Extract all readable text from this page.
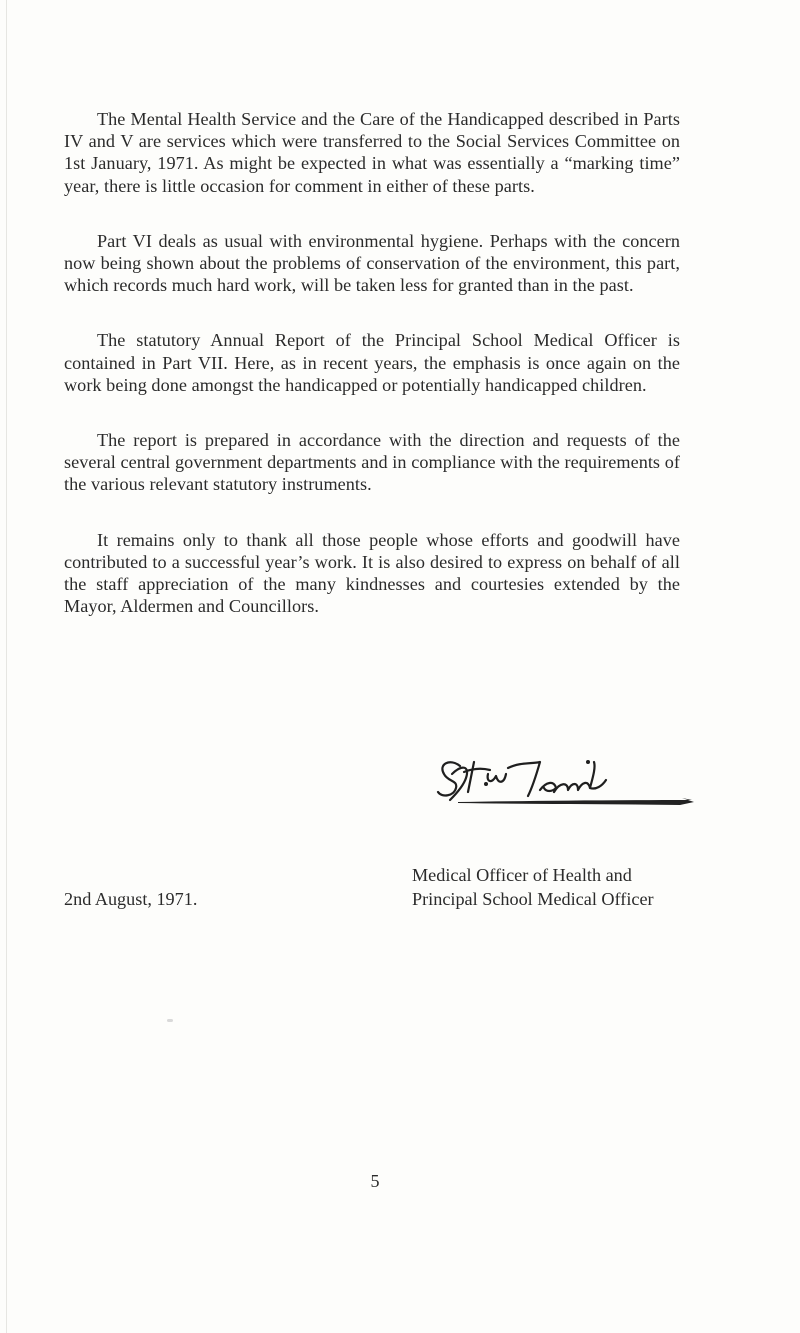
The Mental Health Service and the Care of the Handicapped described in Parts IV and V are services which were transferred to the Social Services Committee on 1st January, 1971. As might be expected in what was essentially a “marking time” year, there is little occasion for comment in either of these parts.

Part VI deals as usual with environmental hygiene. Perhaps with the concern now being shown about the problems of conservation of the environment, this part, which records much hard work, will be taken less for granted than in the past.

The statutory Annual Report of the Principal School Medical Officer is contained in Part VII. Here, as in recent years, the emphasis is once again on the work being done amongst the handicapped or potentially handicapped children.

The report is prepared in accordance with the direction and requests of the several central government departments and in compliance with the requirements of the various relevant statutory instruments.

It remains only to thank all those people whose efforts and goodwill have contributed to a successful year’s work. It is also desired to express on behalf of all the staff appreciation of the many kindnesses and courtesies extended by the Mayor, Aldermen and Councillors.

Medical Officer of Health and
Principal School Medical Officer
2nd August, 1971.
5
